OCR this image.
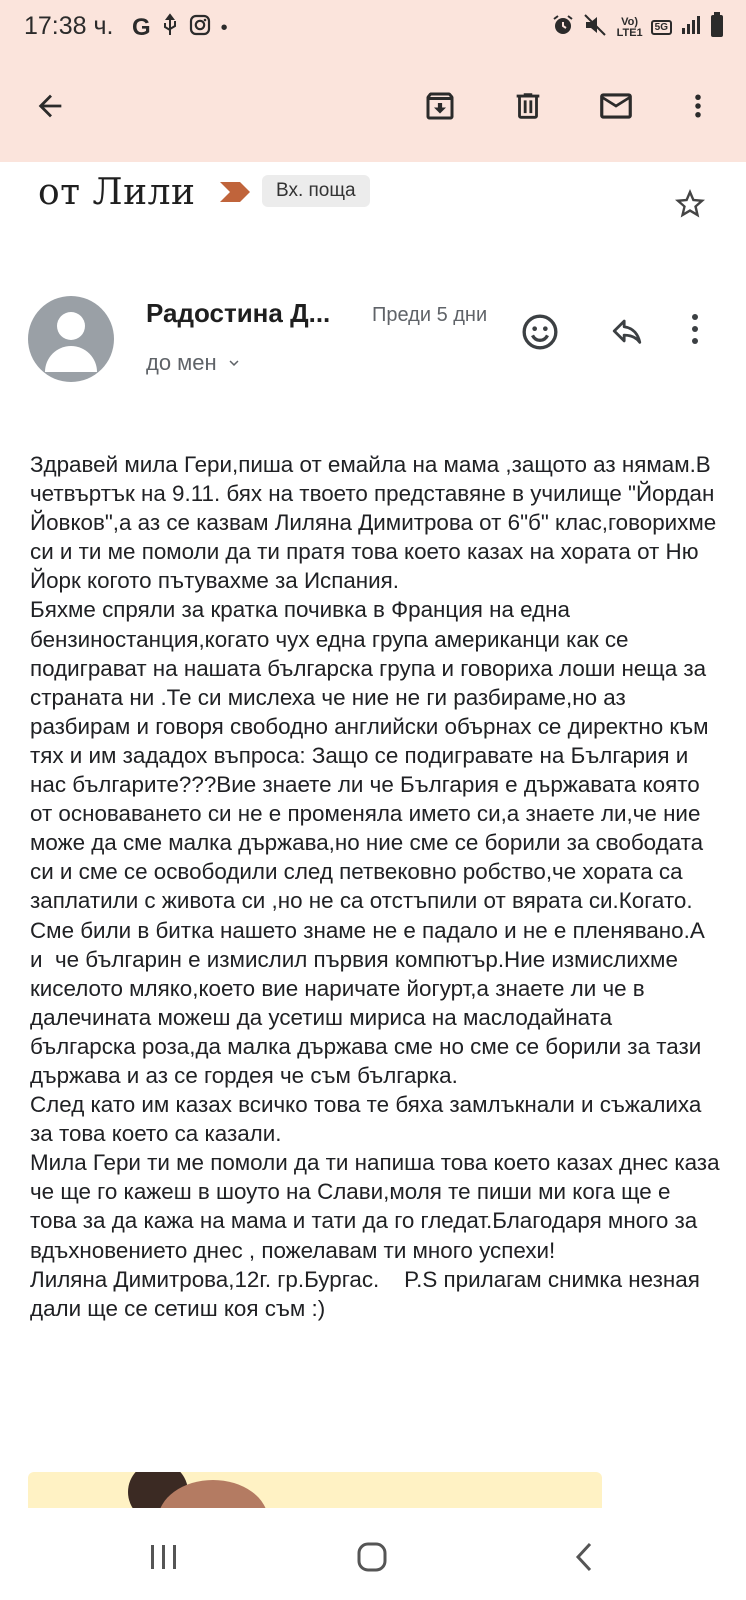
17:38 ч. G	•	Vo)
LTE1	5G
от Лили	Вх. поща
Радостина Д... Преди 5 дни
до мен
Здравей мила Гери,пиша от емайла на мама ,защото аз нямам.В четвъртък на 9.11. бях на твоето представяне в училище "Йордан Йовков",а аз се казвам Лиляна Димитрова от 6"б" клас,говорихме си и ти ме помоли да ти пратя това което казах на хората от Ню Йорк когото пътувахме за Испания.
Бяхме спряли за кратка почивка в Франция на една бензиностанция,когато чух една група американци как се подиграват на нашата българска група и говориха лоши неща за страната ни .Те си мислеха че ние не ги разбираме,но аз разбирам и говоря свободно английски обърнах се директно към тях и им зададох въпроса: Защо се подигравате на България и нас българите???Вие знаете ли че България е държавата която от основаването си не е променяла името си,а знаете ли,че ние може да сме малка държава,но ние сме се борили за свободата си и сме се освободили след петвековно робство,че хората са заплатили с живота си ,но не са отстъпили от вярата си.Когато. Сме били в битка нашето знаме не е падало и не е пленявано.А и  че българин е измислил първия компютър.Ние измислихме киселото мляко,което вие наричате йогурт,а знаете ли че в далечината можеш да усетиш мириса на маслодайната българска роза,да малка държава сме но сме се борили за тази държава и аз се гордея че съм българка.
След като им казах всичко това те бяха замлъкнали и съжалиха за това което са казали.
Мила Гери ти ме помоли да ти напиша това което казах днес каза че ще го кажеш в шоуто на Слави,моля те пиши ми кога ще е това за да кажа на мама и тати да го гледат.Благодаря много за вдъхновението днес , пожелавам ти много успехи!                    Лиляна Димитрова,12г. гр.Бургас.    P.S прилагам снимка незная дали ще се сетиш коя съм :)
